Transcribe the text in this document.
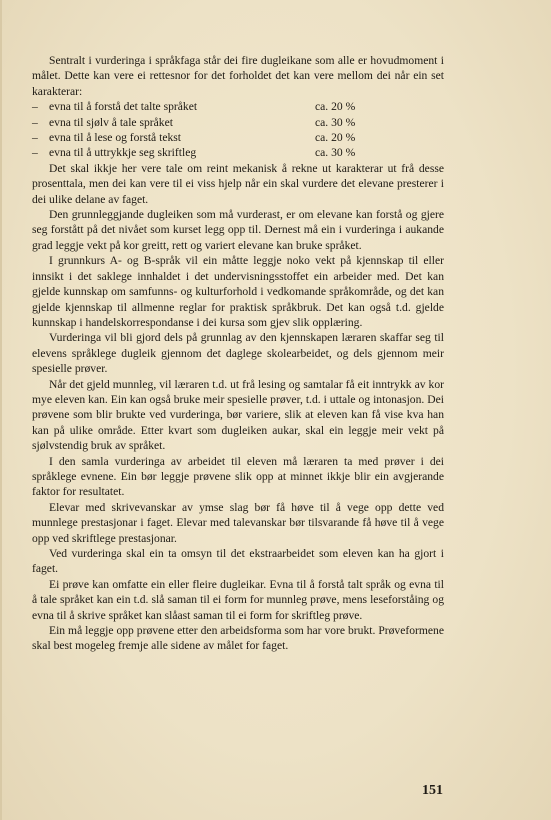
Sentralt i vurderinga i språkfaga står dei fire dugleikane som alle er hovudmoment i målet. Dette kan vere ei rettesnor for det forholdet det kan vere mellom dei når ein set karakterar:

– evna til å forstå det talte språket	ca. 20 %
– evna til sjølv å tale språket	ca. 30 %
– evna til å lese og forstå tekst	ca. 20 %
– evna til å uttrykkje seg skriftleg	ca. 30 %

Det skal ikkje her vere tale om reint mekanisk å rekne ut karakterar ut frå desse prosenttala, men dei kan vere til ei viss hjelp når ein skal vurdere det elevane presterer i dei ulike delane av faget.

Den grunnleggjande dugleiken som må vurderast, er om elevane kan forstå og gjere seg forstått på det nivået som kurset legg opp til. Dernest må ein i vurderinga i aukande grad leggje vekt på kor greitt, rett og variert elevane kan bruke språket.

I grunnkurs A- og B-språk vil ein måtte leggje noko vekt på kjennskap til eller innsikt i det saklege innhaldet i det undervisningsstoffet ein arbeider med. Det kan gjelde kunnskap om samfunns- og kulturforhold i vedkomande språkområde, og det kan gjelde kjennskap til allmenne reglar for praktisk språkbruk. Det kan også t.d. gjelde kunnskap i handelskorrespondanse i dei kursa som gjev slik opplæring.

Vurderinga vil bli gjord dels på grunnlag av den kjennskapen læraren skaffar seg til elevens språklege dugleik gjennom det daglege skolearbeidet, og dels gjennom meir spesielle prøver.

Når det gjeld munnleg, vil læraren t.d. ut frå lesing og samtalar få eit inntrykk av kor mye eleven kan. Ein kan også bruke meir spesielle prøver, t.d. i uttale og intonasjon. Dei prøvene som blir brukte ved vurderinga, bør variere, slik at eleven kan få vise kva han kan på ulike område. Etter kvart som dugleiken aukar, skal ein leggje meir vekt på sjølvstendig bruk av språket.

I den samla vurderinga av arbeidet til eleven må læraren ta med prøver i dei språklege evnene. Ein bør leggje prøvene slik opp at minnet ikkje blir ein avgjerande faktor for resultatet.

Elevar med skrivevanskar av ymse slag bør få høve til å vege opp dette ved munnlege prestasjonar i faget. Elevar med talevanskar bør tilsvarande få høve til å vege opp ved skriftlege prestasjonar.

Ved vurderinga skal ein ta omsyn til det ekstraarbeidet som eleven kan ha gjort i faget.

Ei prøve kan omfatte ein eller fleire dugleikar. Evna til å forstå talt språk og evna til å tale språket kan ein t.d. slå saman til ei form for munnleg prøve, mens leseforståing og evna til å skrive språket kan slåast saman til ei form for skriftleg prøve.

Ein må leggje opp prøvene etter den arbeidsforma som har vore brukt. Prøveformene skal best mogeleg fremje alle sidene av målet for faget.

151
